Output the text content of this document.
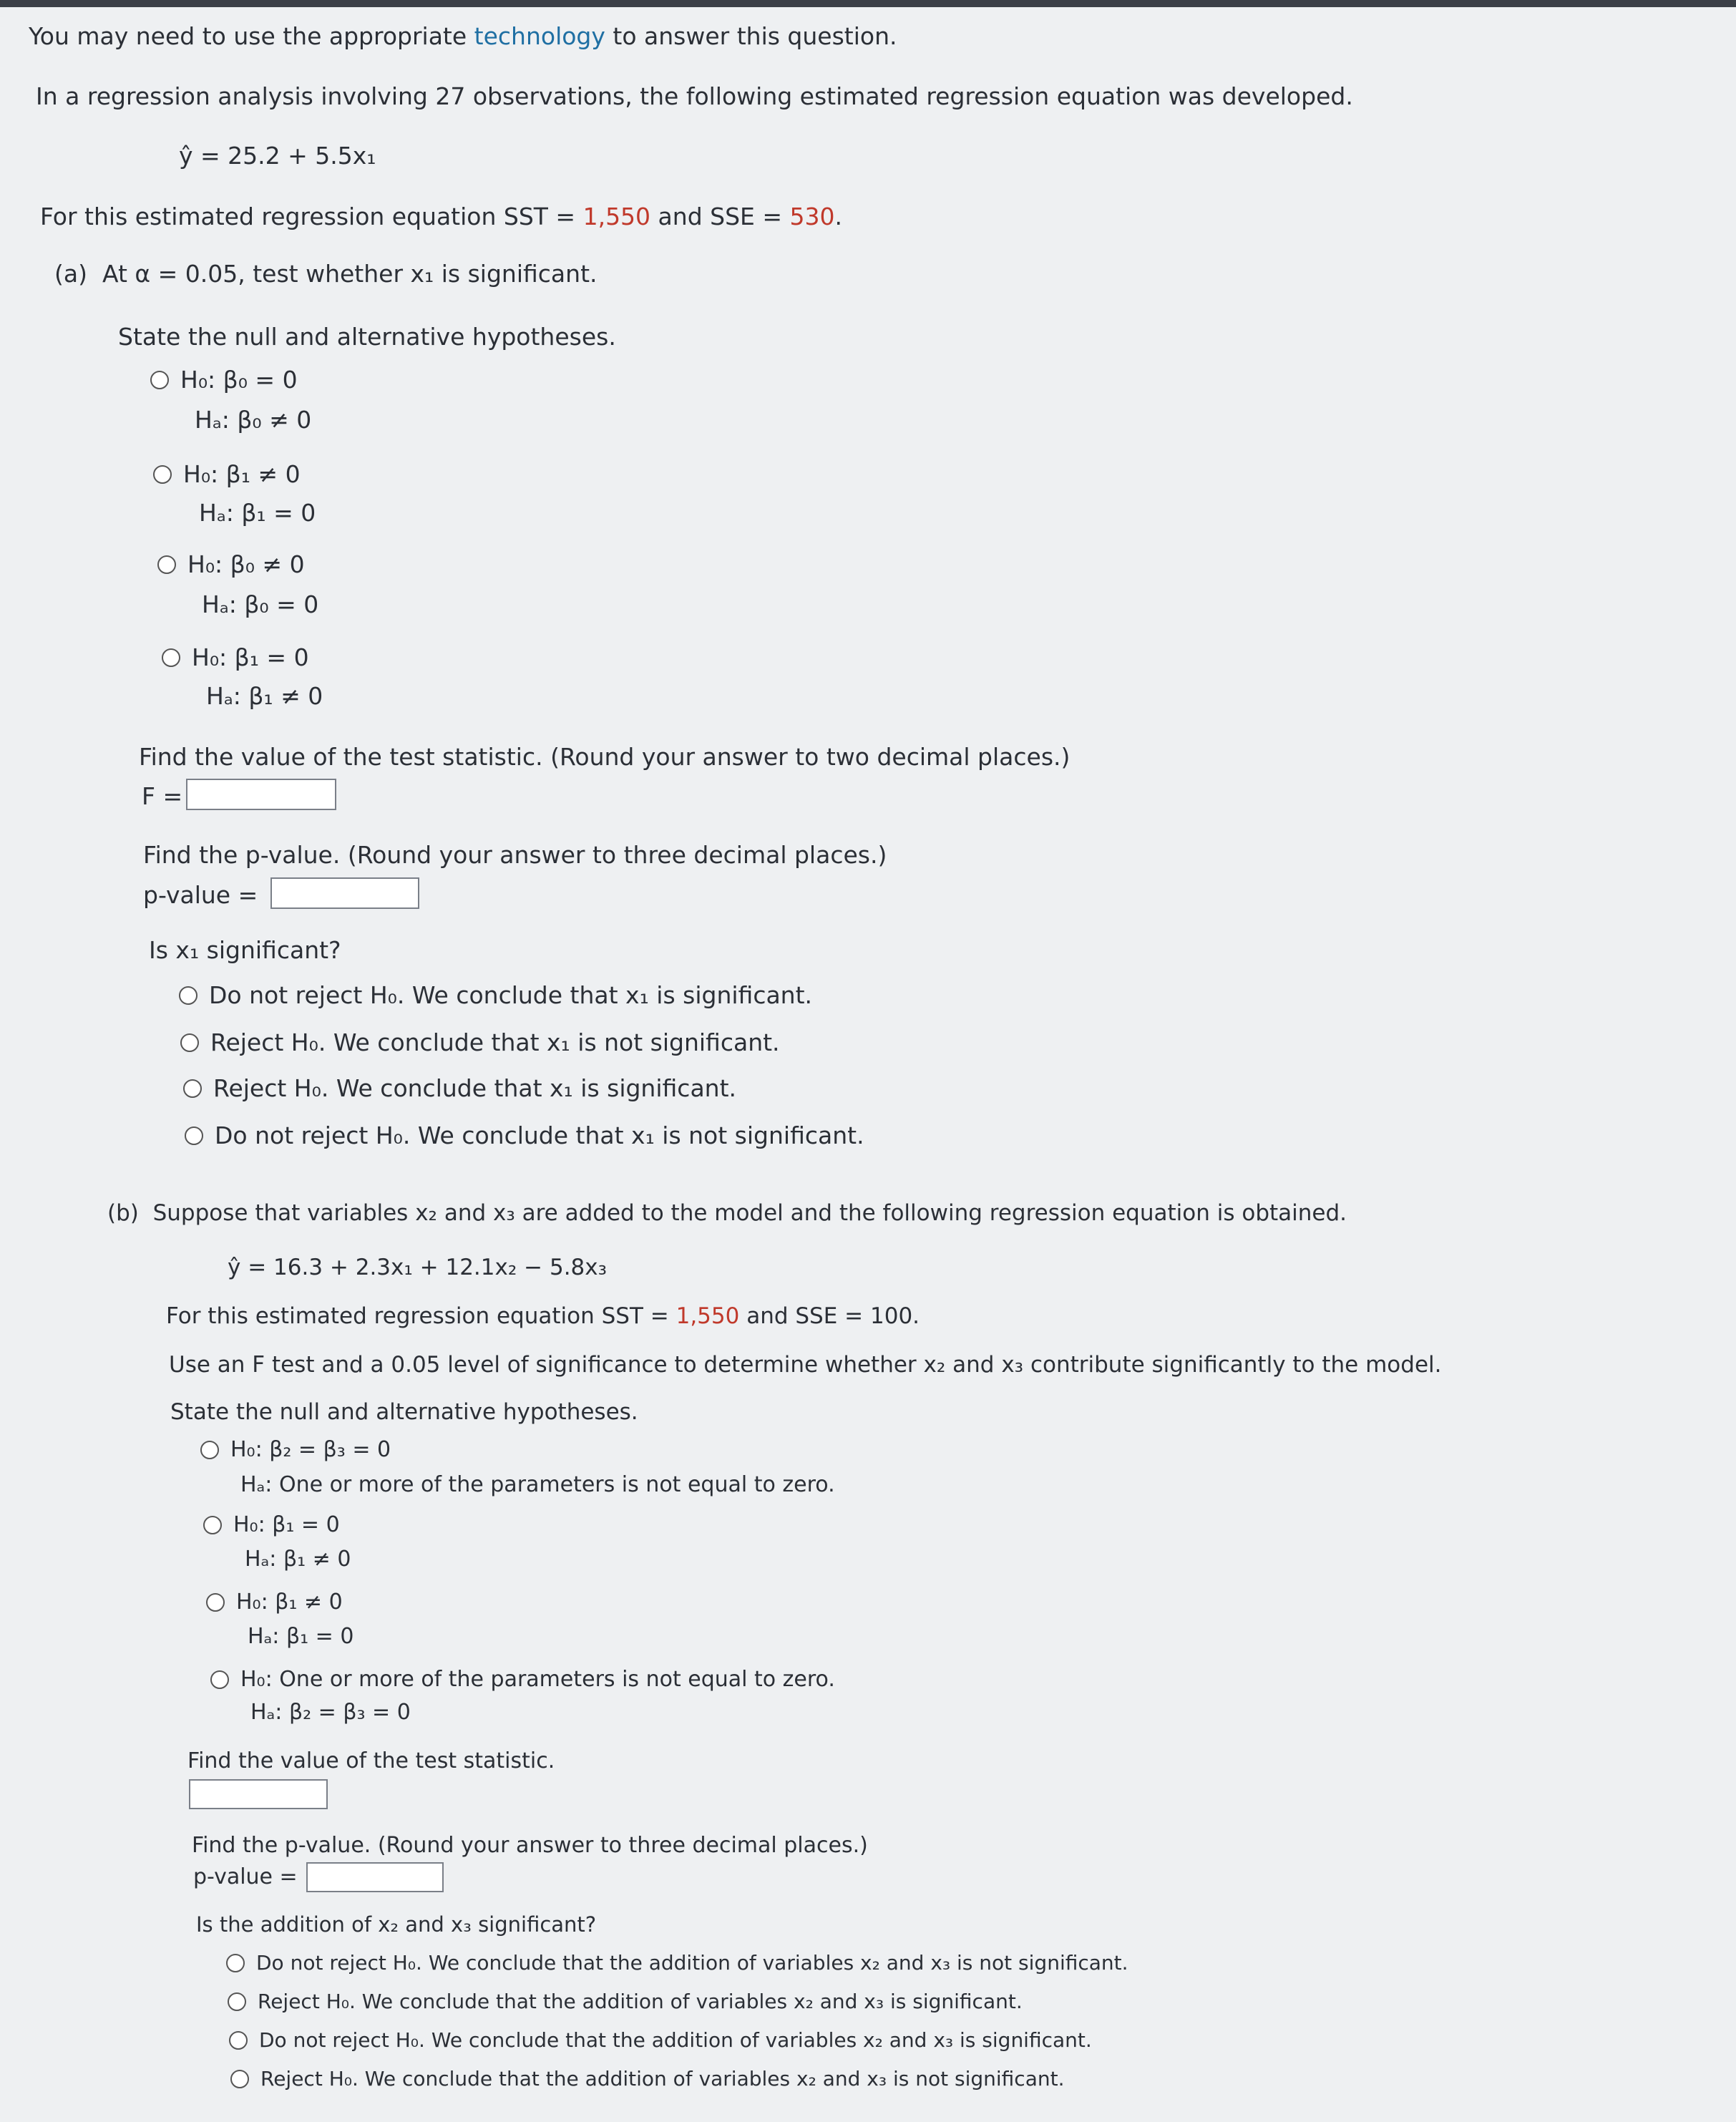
You may need to use the appropriate technology to answer this question.
In a regression analysis involving 27 observations, the following estimated regression equation was developed.
ŷ = 25.2 + 5.5x₁
For this estimated regression equation SST = 1,550 and SSE = 530.
(a) At α = 0.05, test whether x₁ is significant.
State the null and alternative hypotheses.
H₀: β₀ = 0
Hₐ: β₀ ≠ 0
H₀: β₁ ≠ 0
Hₐ: β₁ = 0
H₀: β₀ ≠ 0
Hₐ: β₀ = 0
H₀: β₁ = 0
Hₐ: β₁ ≠ 0
Find the value of the test statistic. (Round your answer to two decimal places.)
F =
Find the p-value. (Round your answer to three decimal places.)
p-value =
Is x₁ significant?
Do not reject H₀. We conclude that x₁ is significant.
Reject H₀. We conclude that x₁ is not significant.
Reject H₀. We conclude that x₁ is significant.
Do not reject H₀. We conclude that x₁ is not significant.
(b) Suppose that variables x₂ and x₃ are added to the model and the following regression equation is obtained.
ŷ = 16.3 + 2.3x₁ + 12.1x₂ − 5.8x₃
For this estimated regression equation SST = 1,550 and SSE = 100.
Use an F test and a 0.05 level of significance to determine whether x₂ and x₃ contribute significantly to the model.
State the null and alternative hypotheses.
H₀: β₂ = β₃ = 0
Hₐ: One or more of the parameters is not equal to zero.
H₀: β₁ = 0
Hₐ: β₁ ≠ 0
H₀: β₁ ≠ 0
Hₐ: β₁ = 0
H₀: One or more of the parameters is not equal to zero.
Hₐ: β₂ = β₃ = 0
Find the value of the test statistic.
Find the p-value. (Round your answer to three decimal places.)
p-value =
Is the addition of x₂ and x₃ significant?
Do not reject H₀. We conclude that the addition of variables x₂ and x₃ is not significant.
Reject H₀. We conclude that the addition of variables x₂ and x₃ is significant.
Do not reject H₀. We conclude that the addition of variables x₂ and x₃ is significant.
Reject H₀. We conclude that the addition of variables x₂ and x₃ is not significant.
